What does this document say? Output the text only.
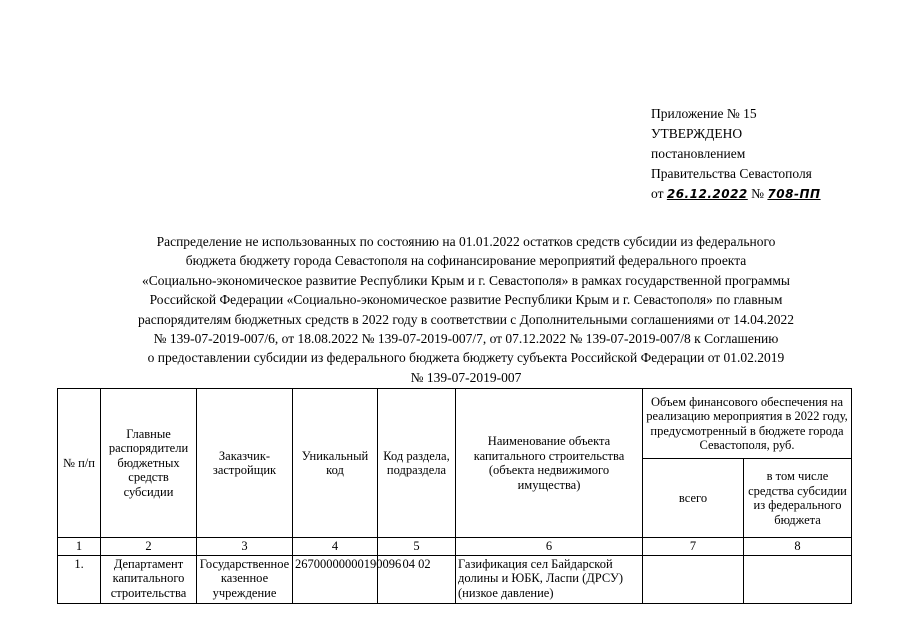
Приложение № 15
УТВЕРЖДЕНО
постановлением
Правительства Севастополя
от 26.12.2022 № 708-ПП
Распределение не использованных по состоянию на 01.01.2022 остатков средств субсидии из федерального
бюджета бюджету города Севастополя на софинансирование мероприятий федерального проекта
«Социально-экономическое развитие Республики Крым и г. Севастополя» в рамках государственной программы
Российской Федерации «Социально-экономическое развитие Республики Крым и г. Севастополя» по главным
распорядителям бюджетных средств в 2022 году в соответствии с Дополнительными соглашениями от 14.04.2022
№ 139-07-2019-007/6, от 18.08.2022 № 139-07-2019-007/7, от 07.12.2022 № 139-07-2019-007/8 к Соглашению
о предоставлении субсидии из федерального бюджета бюджету субъекта Российской Федерации от 01.02.2019
№ 139-07-2019-007
№ п/п	Главные распорядители бюджетных средств субсидии	Заказчик-застройщик	Уникальный код	Код раздела, подраздела	Наименование объекта капитального строительства (объекта недвижимого имущества)	Объем финансового обеспечения на реализацию мероприятия в 2022 году, предусмотренный в бюджете города Севастополя, руб.	
						всего	в том числе средства субсидии из федерального бюджета
1	2	3	4	5	6	7	8
1.	Департамент капитального строительства	Государственное казенное учреждение	26700000000190096	04 02	Газификация сел Байдарской долины и ЮБК, Ласпи (ДРСУ) (низкое давление)		
